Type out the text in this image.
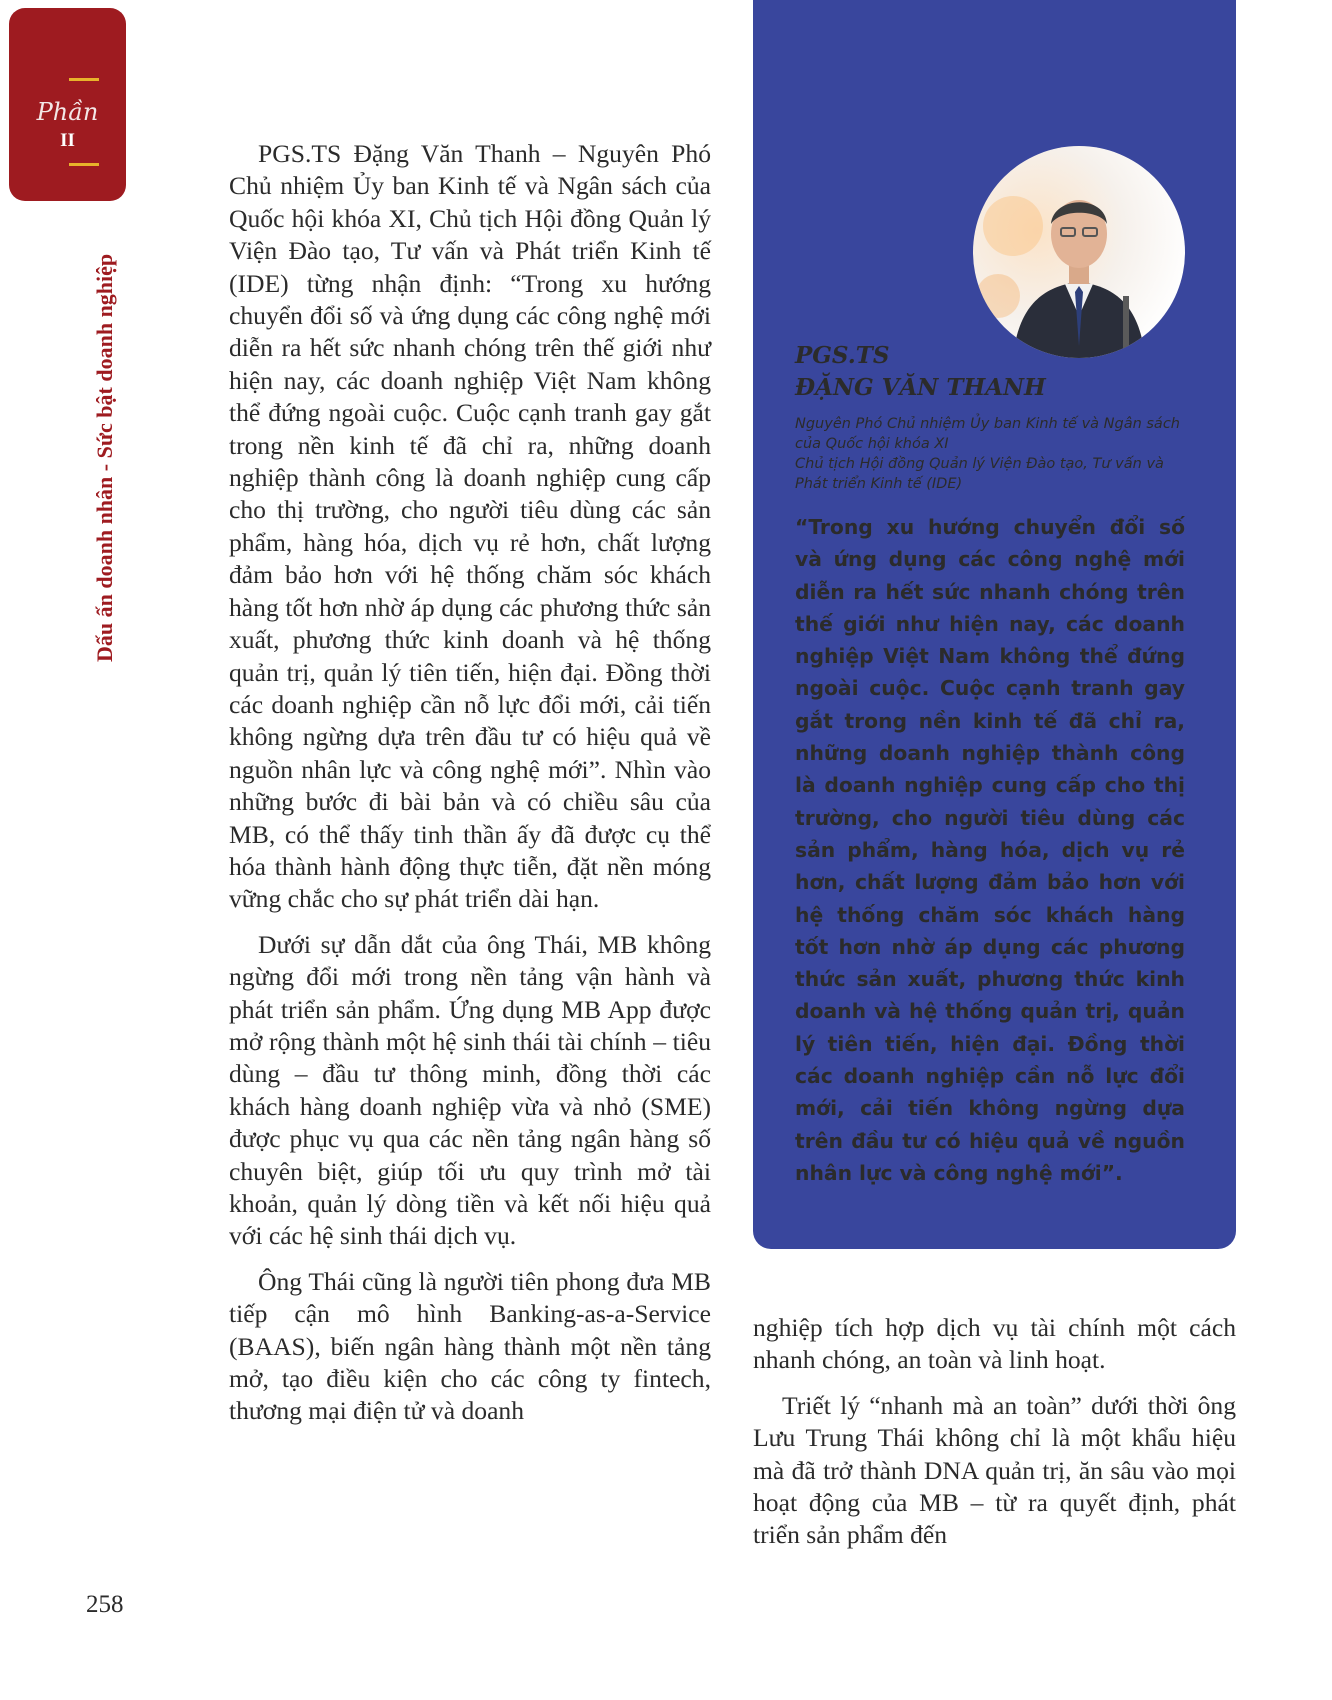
Phần
II
Dấu ấn doanh nhân - Sức bật doanh nghiệp

PGS.TS Đặng Văn Thanh – Nguyên Phó Chủ nhiệm Ủy ban Kinh tế và Ngân sách của Quốc hội khóa XI, Chủ tịch Hội đồng Quản lý Viện Đào tạo, Tư vấn và Phát triển Kinh tế (IDE) từng nhận định: “Trong xu hướng chuyển đổi số và ứng dụng các công nghệ mới diễn ra hết sức nhanh chóng trên thế giới như hiện nay, các doanh nghiệp Việt Nam không thể đứng ngoài cuộc. Cuộc cạnh tranh gay gắt trong nền kinh tế đã chỉ ra, những doanh nghiệp thành công là doanh nghiệp cung cấp cho thị trường, cho người tiêu dùng các sản phẩm, hàng hóa, dịch vụ rẻ hơn, chất lượng đảm bảo hơn với hệ thống chăm sóc khách hàng tốt hơn nhờ áp dụng các phương thức sản xuất, phương thức kinh doanh và hệ thống quản trị, quản lý tiên tiến, hiện đại. Đồng thời các doanh nghiệp cần nỗ lực đổi mới, cải tiến không ngừng dựa trên đầu tư có hiệu quả về nguồn nhân lực và công nghệ mới”. Nhìn vào những bước đi bài bản và có chiều sâu của MB, có thể thấy tinh thần ấy đã được cụ thể hóa thành hành động thực tiễn, đặt nền móng vững chắc cho sự phát triển dài hạn.

Dưới sự dẫn dắt của ông Thái, MB không ngừng đổi mới trong nền tảng vận hành và phát triển sản phẩm. Ứng dụng MB App được mở rộng thành một hệ sinh thái tài chính – tiêu dùng – đầu tư thông minh, đồng thời các khách hàng doanh nghiệp vừa và nhỏ (SME) được phục vụ qua các nền tảng ngân hàng số chuyên biệt, giúp tối ưu quy trình mở tài khoản, quản lý dòng tiền và kết nối hiệu quả với các hệ sinh thái dịch vụ.

Ông Thái cũng là người tiên phong đưa MB tiếp cận mô hình Banking-as-a-Service (BAAS), biến ngân hàng thành một nền tảng mở, tạo điều kiện cho các công ty fintech, thương mại điện tử và doanh

PGS.TS
ĐẶNG VĂN THANH
Nguyên Phó Chủ nhiệm Ủy ban Kinh tế và Ngân sách
của Quốc hội khóa XI
Chủ tịch Hội đồng Quản lý Viện Đào tạo, Tư vấn và
Phát triển Kinh tế (IDE)
“Trong xu hướng chuyển đổi số và ứng dụng các công nghệ mới diễn ra hết sức nhanh chóng trên thế giới như hiện nay, các doanh nghiệp Việt Nam không thể đứng ngoài cuộc. Cuộc cạnh tranh gay gắt trong nền kinh tế đã chỉ ra, những doanh nghiệp thành công là doanh nghiệp cung cấp cho thị trường, cho người tiêu dùng các sản phẩm, hàng hóa, dịch vụ rẻ hơn, chất lượng đảm bảo hơn với hệ thống chăm sóc khách hàng tốt hơn nhờ áp dụng các phương thức sản xuất, phương thức kinh doanh và hệ thống quản trị, quản lý tiên tiến, hiện đại. Đồng thời các doanh nghiệp cần nỗ lực đổi mới, cải tiến không ngừng dựa trên đầu tư có hiệu quả về nguồn nhân lực và công nghệ mới”.

nghiệp tích hợp dịch vụ tài chính một cách nhanh chóng, an toàn và linh hoạt.

Triết lý “nhanh mà an toàn” dưới thời ông Lưu Trung Thái không chỉ là một khẩu hiệu mà đã trở thành DNA quản trị, ăn sâu vào mọi hoạt động của MB – từ ra quyết định, phát triển sản phẩm đến

258
